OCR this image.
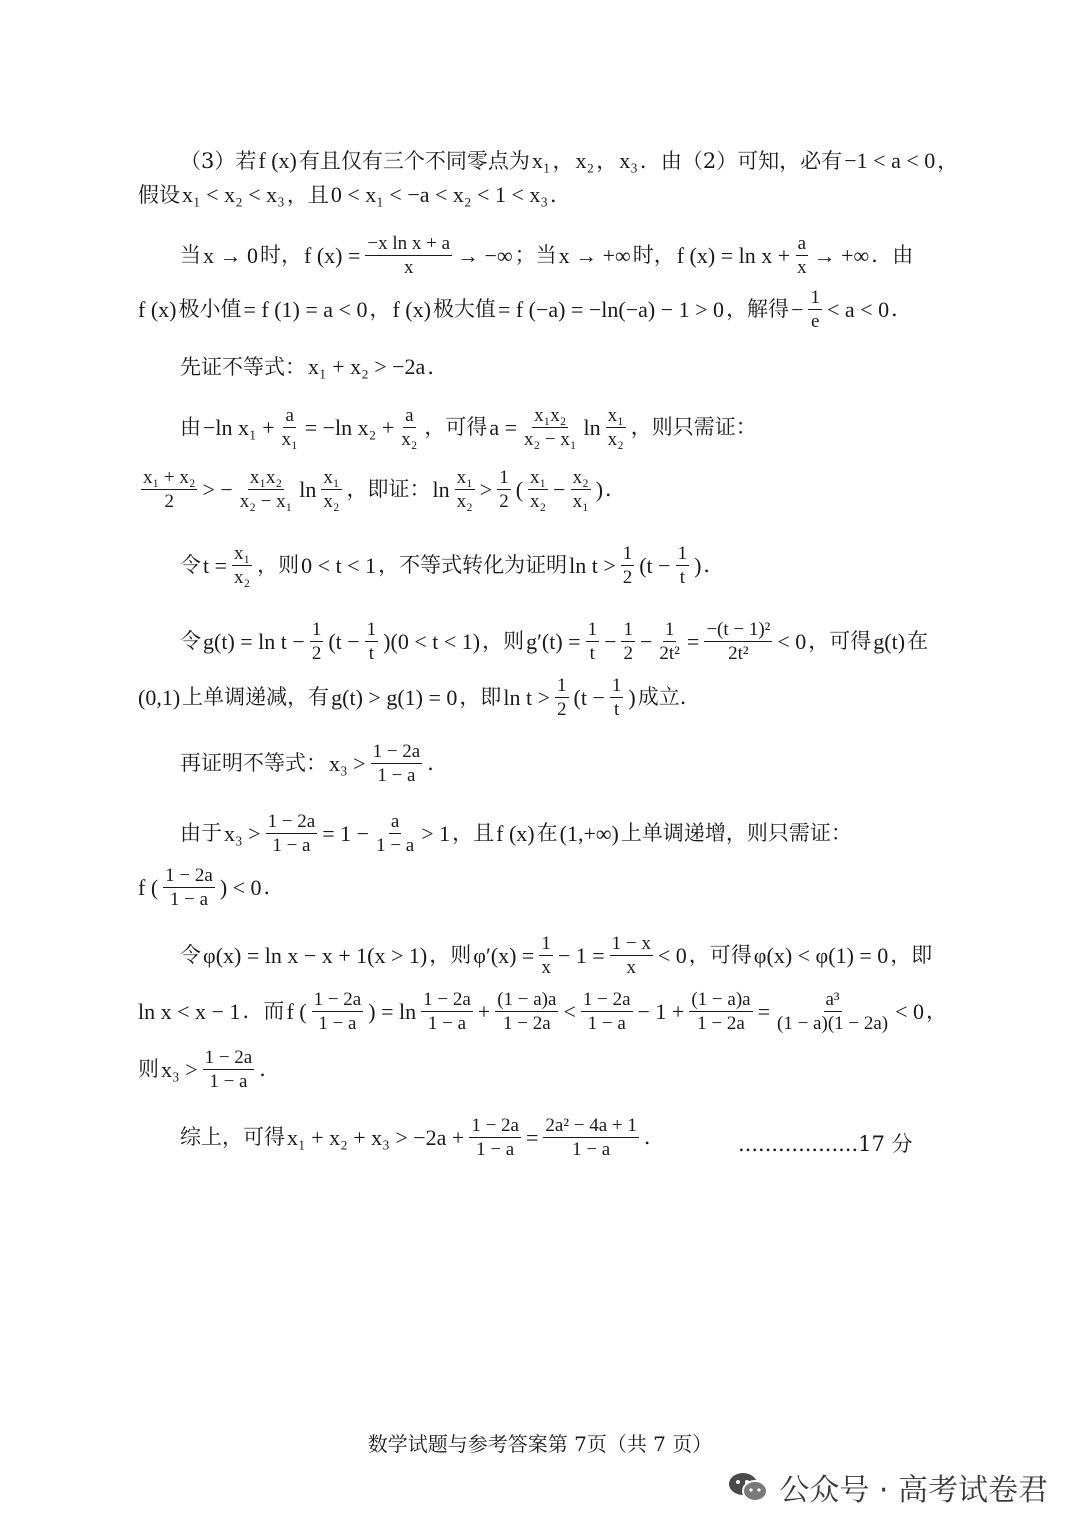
（3）若 f (x) 有且仅有三个不同零点为 x₁ ， x₂ ， x₃ ．由（2）可知，必有 −1 < a < 0 ，
假设 x₁ < x₂ < x₃ ，且 0 < x₁ < −a < x₂ < 1 < x₃ ．
当 x → 0 时， f $(x) = \frac{\text{−x ln x + a}}{x}$ → −∞ ；当 x → +∞ 时， f $(x) = \ln x + \frac{a}{x}$ → +∞ ．由
f (x) 极小值 = f (1) = a < 0 ， f (x) 极大值 = f (−a) = −ln(−a) − 1 > 0 ，解得 − $\frac{1}{e} < a < 0$ ．
先证不等式： x₁ + x₂ > −2a ．
由 −ln $x_1 + \frac{a}{\text{x₁}} = -\ln$ $x_2 + \frac{a}{\text{x₂}}$ ，可得 $a = \frac{\text{x₁x₂}}{\text{x₂ − x₁}}$ $\ln \frac{\text{x₁}}{\text{x₂}}$ ，则只需证：
$\frac{\text{x₁ + x₂}}{2}$ > − $\frac{\text{x₁x₂}}{\text{x₂ − x₁}}$ $\ln \frac{\text{x₁}}{\text{x₂}}$ ，即证： $\ln \frac{\text{x₁}}{\text{x₂}} > \frac{1}{2}$ ( $\frac{\text{x₁}}{\text{x₂}} - \frac{\text{x₂}}{\text{x₁}}$ ) ．
令 $t = \frac{\text{x₁}}{\text{x₂}}$ ，则 0 < t < 1 ，不等式转化为证明 $\ln t > \frac{1}{2} (t - \frac{1}{t}$ ) ．
令 $g(t) = \ln t - \frac{1}{2} (t - \frac{1}{t} )(0 < t < 1)$ ，则 $g'(t) = \frac{1}{t} - \frac{1}{2} - \frac{1}{\text{2t²}} = \frac{\text{−(t − 1)²}}{\text{2t²}} < 0$ ，可得 g(t) 在
(0,1) 上单调递减，有 g(t) > g(1) = 0 ，即 $\ln t > \frac{1}{2} (t - \frac{1}{t}$ ) 成立.
再证明不等式： $x_3 > \frac{1 - 2a}{1 - a}$ ．
由于 $x_3 > \frac{1 - 2a}{1 - a} = 1 - \frac{a}{1 - a} > 1$ ，且 f (x) 在 (1,+∞) 上单调递增，则只需证：
f ( $\frac{1 - 2a}{1 - a}$ ) < 0 ．
令 φ(x) = ln x − x + 1(x > 1) ，则 $\varphi'(x) = \frac{1}{x} - 1 = \frac{1 - x}{x} < 0$ ，可得 φ(x) < φ(1) = 0 ，即
ln x < x − 1 ．而 f ( $\frac{1 - 2a}{1 - a}$ ) = $\ln \frac{1 - 2a}{1 - a} + \frac{(1 - a)a}{1 - 2a} < \frac{1 - 2a}{1 - a} - 1 + \frac{(1 - a)a}{1 - 2a} = \frac{\text{a³}}{(1 - a)(1 - 2a)} < 0$ ，
则 $x_3 > \frac{1 - 2a}{1 - a}$ ．
综上，可得 $x_1 + x_2 + x_3 > -2a + \frac{1 - 2a}{1 - a} = \frac{\text{2a² − 4a + 1}}{1 - a}$ ．	..................17 分
数学试题与参考答案第 7页（共 7 页）
公众号 · 高考试卷君
